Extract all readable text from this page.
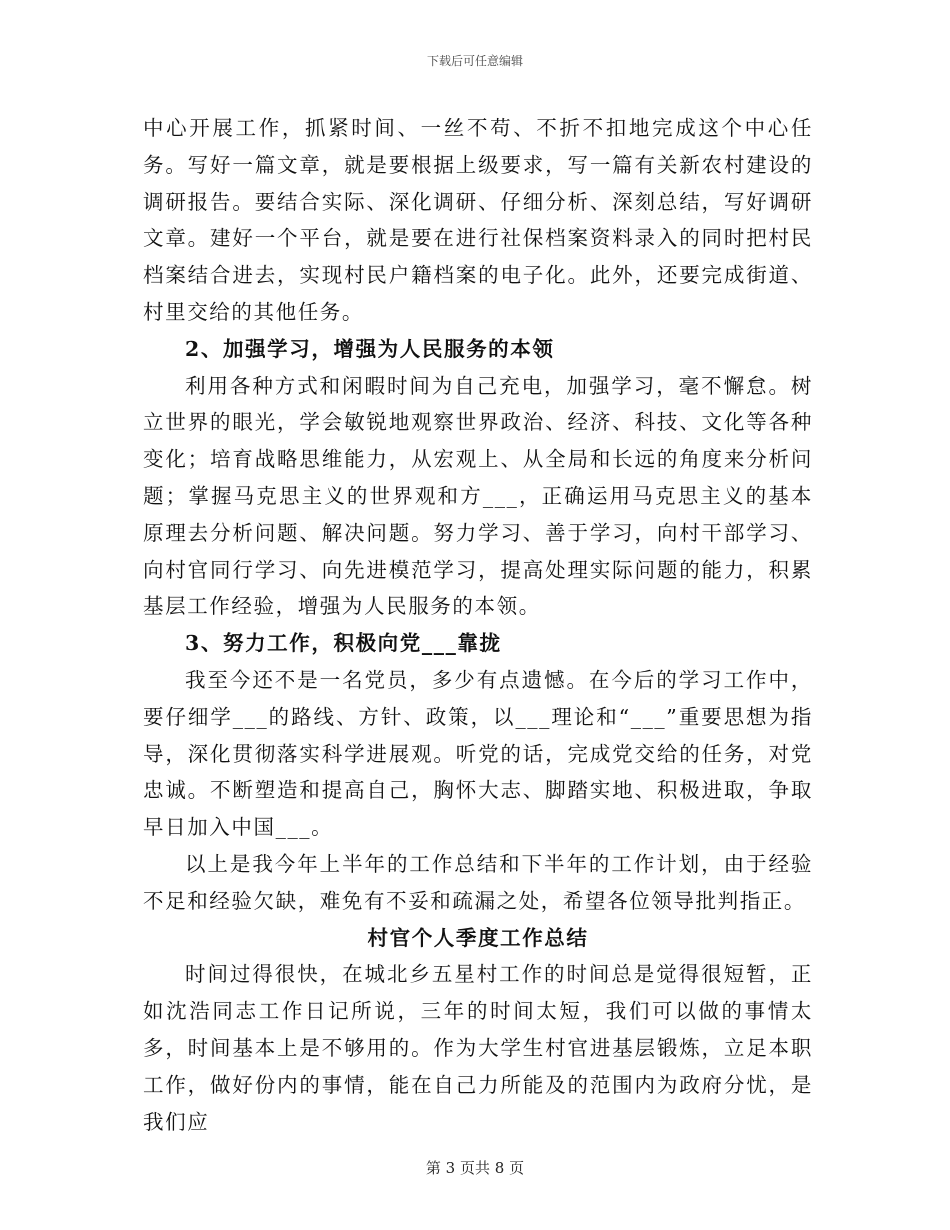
下载后可任意编辑

中心开展工作，抓紧时间、一丝不苟、不折不扣地完成这个中心任务。写好一篇文章，就是要根据上级要求，写一篇有关新农村建设的调研报告。要结合实际、深化调研、仔细分析、深刻总结，写好调研文章。建好一个平台，就是要在进行社保档案资料录入的同时把村民档案结合进去，实现村民户籍档案的电子化。此外，还要完成街道、村里交给的其他任务。

2、加强学习，增强为人民服务的本领

利用各种方式和闲暇时间为自己充电，加强学习，毫不懈怠。树立世界的眼光，学会敏锐地观察世界政治、经济、科技、文化等各种变化；培育战略思维能力，从宏观上、从全局和长远的角度来分析问题；掌握马克思主义的世界观和方___，正确运用马克思主义的基本原理去分析问题、解决问题。努力学习、善于学习，向村干部学习、向村官同行学习、向先进模范学习，提高处理实际问题的能力，积累基层工作经验，增强为人民服务的本领。

3、努力工作，积极向党___靠拢

我至今还不是一名党员，多少有点遗憾。在今后的学习工作中，要仔细学___的路线、方针、政策，以___理论和“___”重要思想为指导，深化贯彻落实科学进展观。听党的话，完成党交给的任务，对党忠诚。不断塑造和提高自己，胸怀大志、脚踏实地、积极进取，争取早日加入中国___。

以上是我今年上半年的工作总结和下半年的工作计划，由于经验不足和经验欠缺，难免有不妥和疏漏之处，希望各位领导批判指正。

村官个人季度工作总结

时间过得很快，在城北乡五星村工作的时间总是觉得很短暂，正如沈浩同志工作日记所说，三年的时间太短，我们可以做的事情太多，时间基本上是不够用的。作为大学生村官进基层锻炼，立足本职工作，做好份内的事情，能在自己力所能及的范围内为政府分忧，是我们应

第 3 页共 8 页
